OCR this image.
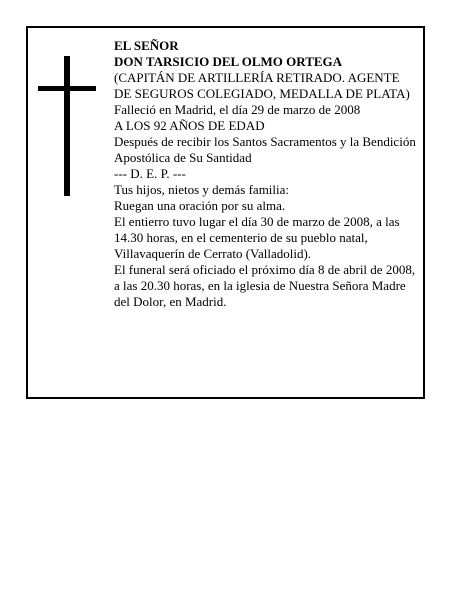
EL SEÑOR
DON TARSICIO DEL OLMO ORTEGA
(CAPITÁN DE ARTILLERÍA RETIRADO. AGENTE DE SEGUROS COLEGIADO, MEDALLA DE PLATA)
Falleció en Madrid, el día 29 de marzo de 2008
A LOS 92 AÑOS DE EDAD
Después de recibir los Santos Sacramentos y la Bendición Apostólica de Su Santidad
--- D. E. P. ---
Tus hijos, nietos y demás familia:
Ruegan una oración por su alma.
El entierro tuvo lugar el día 30 de marzo de 2008, a las 14.30 horas, en el cementerio de su pueblo natal, Villavaquerín de Cerrato (Valladolid).
El funeral será oficiado el próximo día 8 de abril de 2008, a las 20.30 horas, en la iglesia de Nuestra Señora Madre del Dolor, en Madrid.
